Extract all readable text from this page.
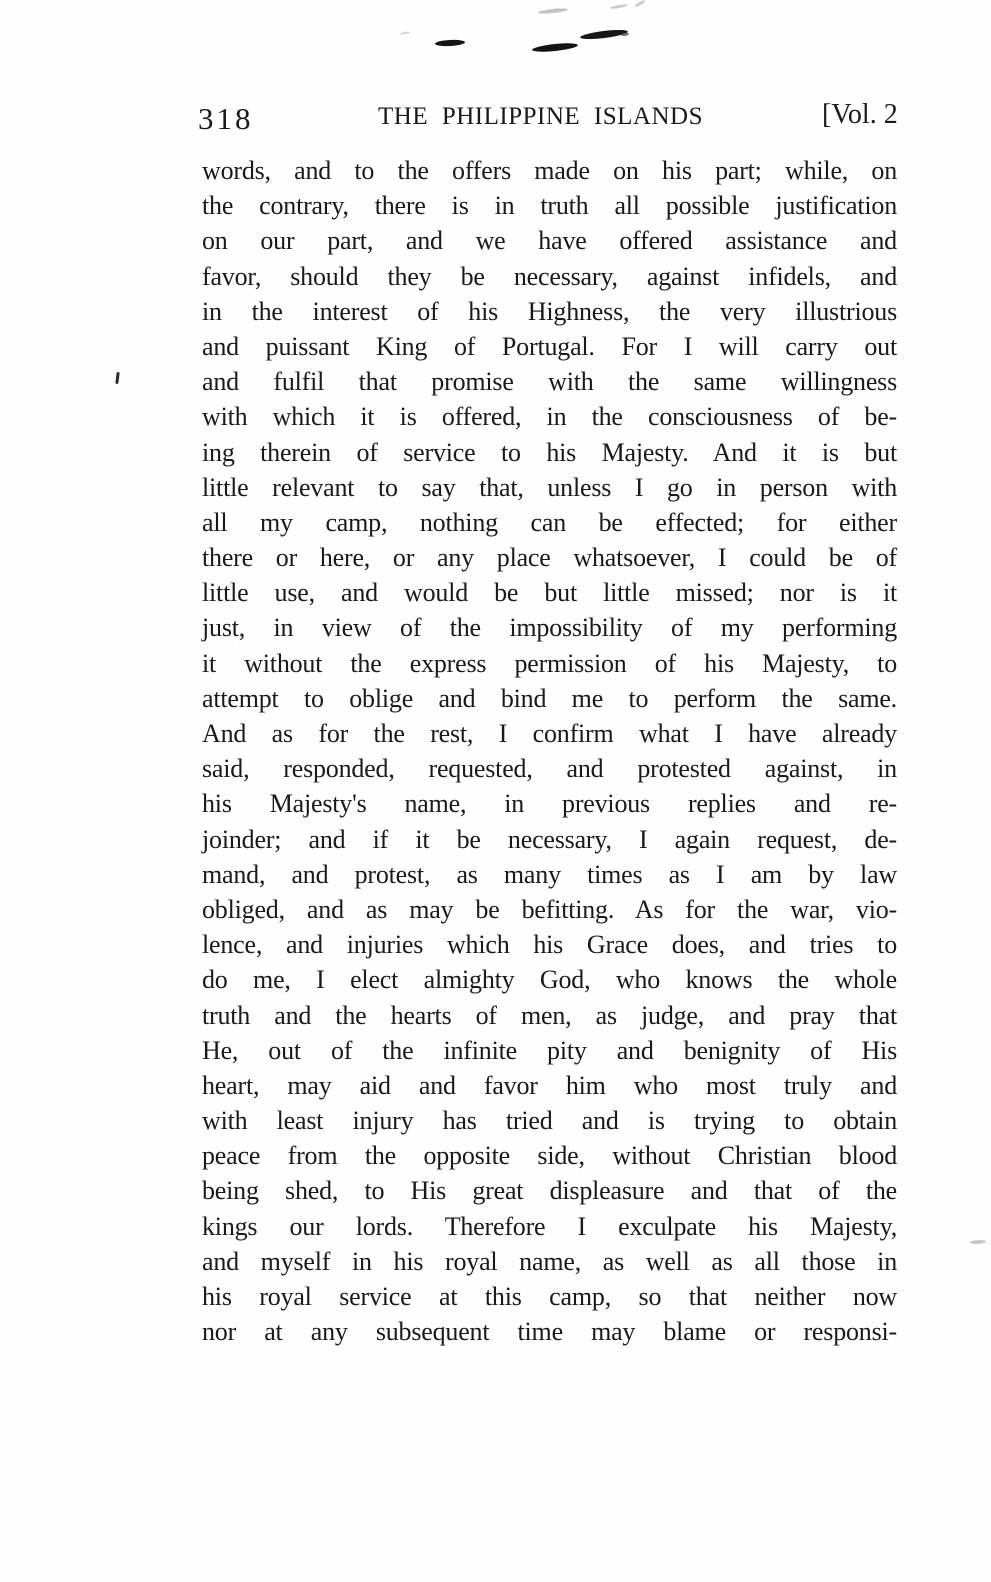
318	THE PHILIPPINE ISLANDS	[Vol. 2
words, and to the offers made on his part; while, on
the contrary, there is in truth all possible justification
on our part, and we have offered assistance and
favor, should they be necessary, against infidels, and
in the interest of his Highness, the very illustrious
and puissant King of Portugal. For I will carry out
and fulfil that promise with the same willingness
with which it is offered, in the consciousness of be-
ing therein of service to his Majesty. And it is but
little relevant to say that, unless I go in person with
all my camp, nothing can be effected; for either
there or here, or any place whatsoever, I could be of
little use, and would be but little missed; nor is it
just, in view of the impossibility of my performing
it without the express permission of his Majesty, to
attempt to oblige and bind me to perform the same.
And as for the rest, I confirm what I have already
said, responded, requested, and protested against, in
his Majesty's name, in previous replies and re-
joinder; and if it be necessary, I again request, de-
mand, and protest, as many times as I am by law
obliged, and as may be befitting. As for the war, vio-
lence, and injuries which his Grace does, and tries to
do me, I elect almighty God, who knows the whole
truth and the hearts of men, as judge, and pray that
He, out of the infinite pity and benignity of His
heart, may aid and favor him who most truly and
with least injury has tried and is trying to obtain
peace from the opposite side, without Christian blood
being shed, to His great displeasure and that of the
kings our lords. Therefore I exculpate his Majesty,
and myself in his royal name, as well as all those in
his royal service at this camp, so that neither now
nor at any subsequent time may blame or responsi-
